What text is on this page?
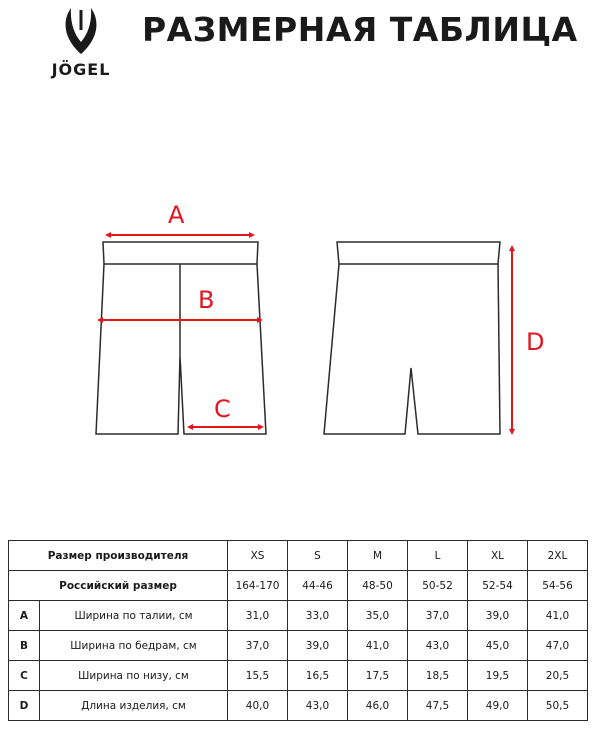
JÖGEL
РАЗМЕРНАЯ ТАБЛИЦА
A
B
C
D
Размер производителя		XS	S	M	L	XL	2XL
Российский размер		164-170	44-46	48-50	50-52	52-54	54-56
A	Ширина по талии, см	31,0	33,0	35,0	37,0	39,0	41,0
B	Ширина по бедрам, см	37,0	39,0	41,0	43,0	45,0	47,0
C	Ширина по низу, см	15,5	16,5	17,5	18,5	19,5	20,5
D	Длина изделия, см	40,0	43,0	46,0	47,5	49,0	50,5
